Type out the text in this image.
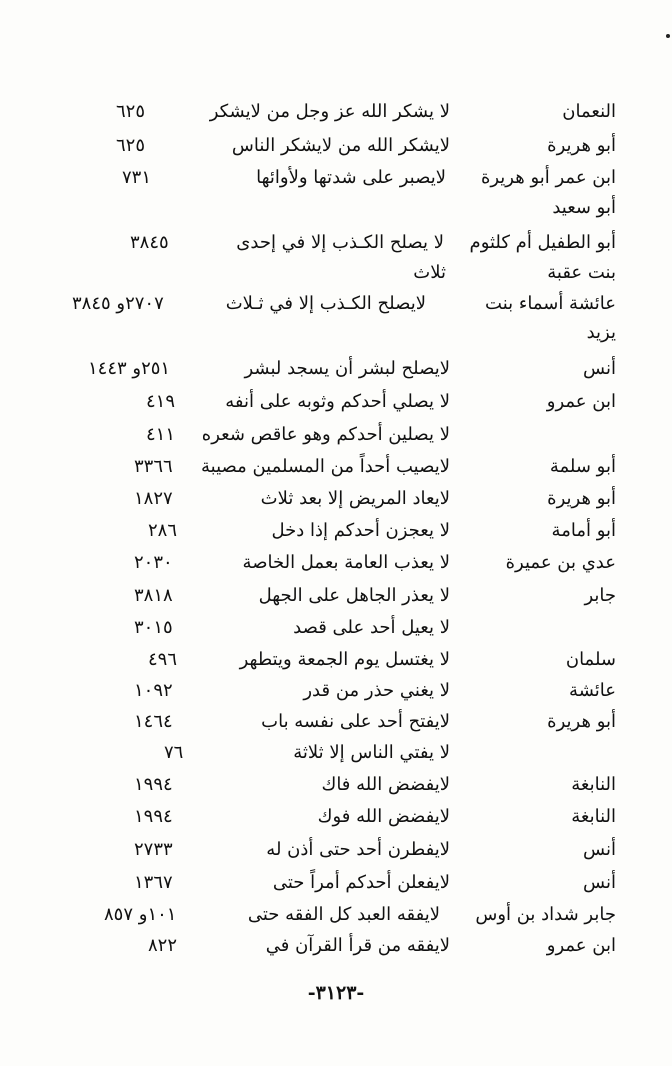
النعمان
لا يشكر الله عز وجل من لايشكر
٦٢٥
أبو هريرة
لايشكر الله من لايشكر الناس
٦٢٥
ابن عمر أبو هريرة
لايصبر على شدتها ولأوائها
٧٣١
أبو سعيد
أبو الطفيل أم كلثوم
لا يصلح الكـذب إلا في إحدى
٣٨٤٥
بنت عقبة
ثلاث
عائشة أسماء بنت
لايصلح الكـذب إلا في ثـلاث
٢٧٠٧و ٣٨٤٥
يزيد
أنس
لايصلح لبشر أن يسجد لبشر
٢٥١و ١٤٤٣
ابن عمرو
لا يصلي أحدكم وثوبه على أنفه
٤١٩
لا يصلين أحدكم وهو عاقص شعره
٤١١
أبو سلمة
لايصيب أحداً من المسلمين مصيبة
٣٣٦٦
أبو هريرة
لايعاد المريض إلا بعد ثلاث
١٨٢٧
أبو أمامة
لا يعجزن أحدكم إذا دخل
٢٨٦
عدي بن عميرة
لا يعذب العامة بعمل الخاصة
٢٠٣٠
جابر
لا يعذر الجاهل على الجهل
٣٨١٨
لا يعيل أحد على قصد
٣٠١٥
سلمان
لا يغتسل يوم الجمعة ويتطهر
٤٩٦
عائشة
لا يغني حذر من قدر
١٠٩٢
أبو هريرة
لايفتح أحد على نفسه باب
١٤٦٤
لا يفتي الناس إلا ثلاثة
٧٦
النابغة
لايفضض الله فاك
١٩٩٤
النابغة
لايفضض الله فوك
١٩٩٤
أنس
لايفطرن أحد حتى أذن له
٢٧٣٣
أنس
لايفعلن أحدكم أمراً حتى
١٣٦٧
جابر شداد بن أوس
لايفقه العبد كل الفقه حتى
١٠١و ٨٥٧
ابن عمرو
لايفقه من قرأ القرآن في
٨٢٢
-٣١٢٣-
